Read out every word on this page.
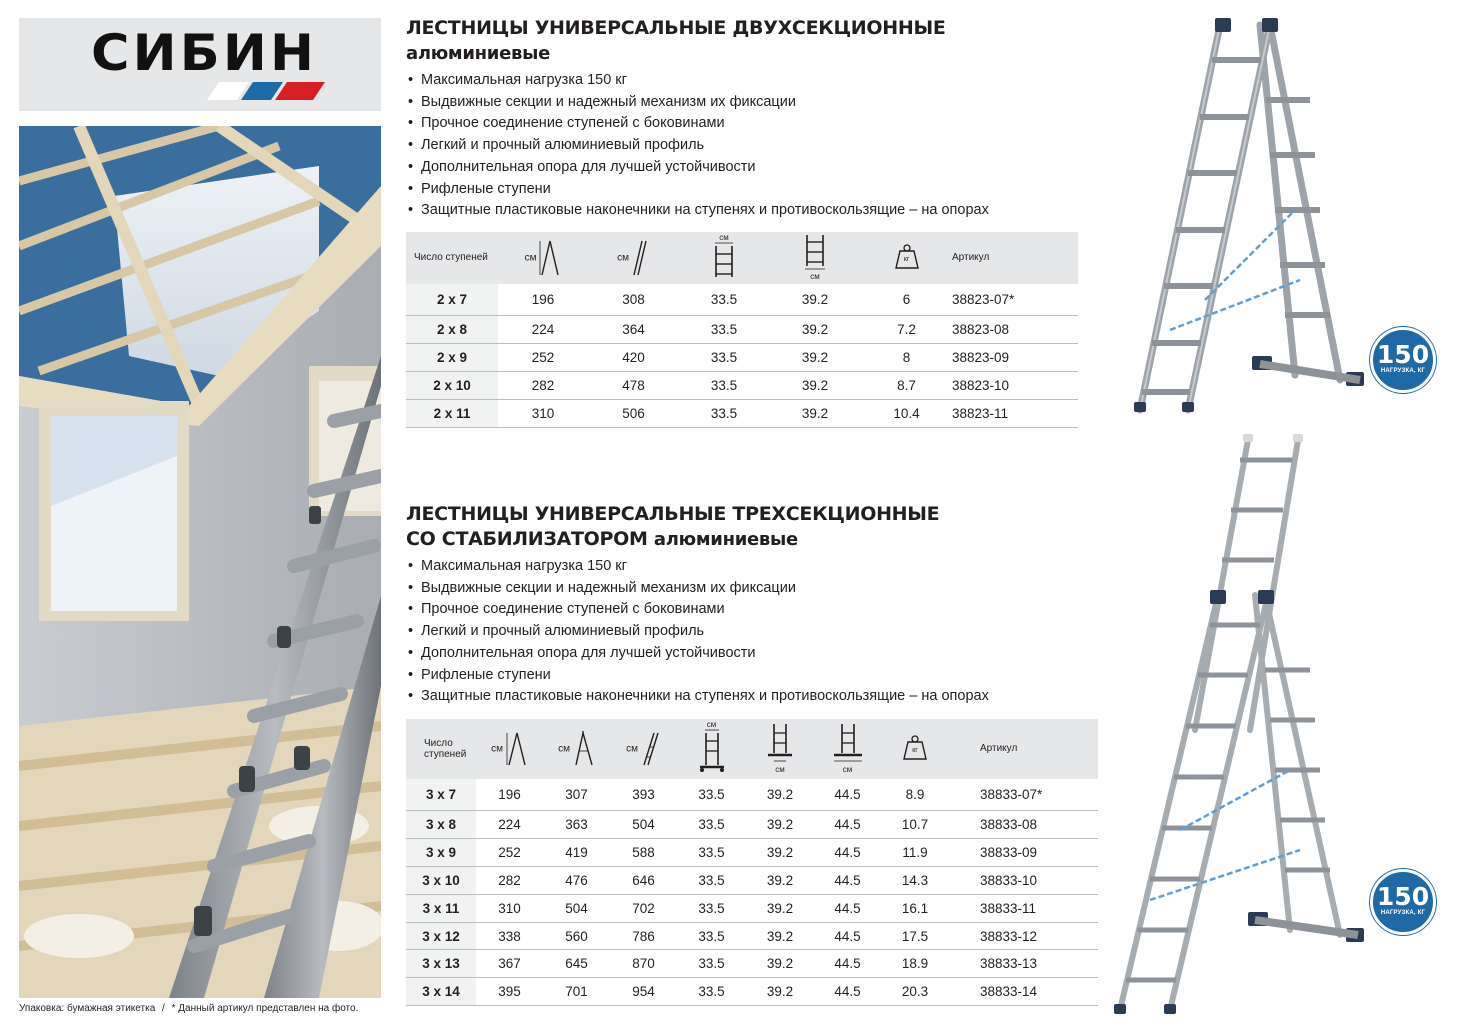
СИБИН
Упаковка: бумажная этикетка / * Данный артикул представлен на фото.
ЛЕСТНИЦЫ УНИВЕРСАЛЬНЫЕ ДВУХСЕКЦИОННЫЕ
алюминиевые
• Максимальная нагрузка 150 кг
• Выдвижные секции и надежный механизм их фиксации
• Прочное соединение ступеней с боковинами
• Легкий и прочный алюминиевый профиль
• Дополнительная опора для лучшей устойчивости
• Рифленые ступени
• Защитные пластиковые наконечники на ступенях и противоскользящие – на опорах
Число ступеней	см	см	см	см	кг	Артикул
2 x 7	196	308	33.5	39.2	6	38823-07*
2 x 8	224	364	33.5	39.2	7.2	38823-08
2 x 9	252	420	33.5	39.2	8	38823-09
2 x 10	282	478	33.5	39.2	8.7	38823-10
2 x 11	310	506	33.5	39.2	10.4	38823-11
ЛЕСТНИЦЫ УНИВЕРСАЛЬНЫЕ ТРЕХСЕКЦИОННЫЕ
СО СТАБИЛИЗАТОРОМ алюминиевые
• Максимальная нагрузка 150 кг
• Выдвижные секции и надежный механизм их фиксации
• Прочное соединение ступеней с боковинами
• Легкий и прочный алюминиевый профиль
• Дополнительная опора для лучшей устойчивости
• Рифленые ступени
• Защитные пластиковые наконечники на ступенях и противоскользящие – на опорах
Число
ступеней	см	см	см	см	см	см	кг	Артикул
3 x 7	196	307	393	33.5	39.2	44.5	8.9	38833-07*
3 x 8	224	363	504	33.5	39.2	44.5	10.7	38833-08
3 x 9	252	419	588	33.5	39.2	44.5	11.9	38833-09
3 x 10	282	476	646	33.5	39.2	44.5	14.3	38833-10
3 x 11	310	504	702	33.5	39.2	44.5	16.1	38833-11
3 x 12	338	560	786	33.5	39.2	44.5	17.5	38833-12
3 x 13	367	645	870	33.5	39.2	44.5	18.9	38833-13
3 x 14	395	701	954	33.5	39.2	44.5	20.3	38833-14
150
НАГРУЗКА, КГ
150
НАГРУЗКА, КГ
